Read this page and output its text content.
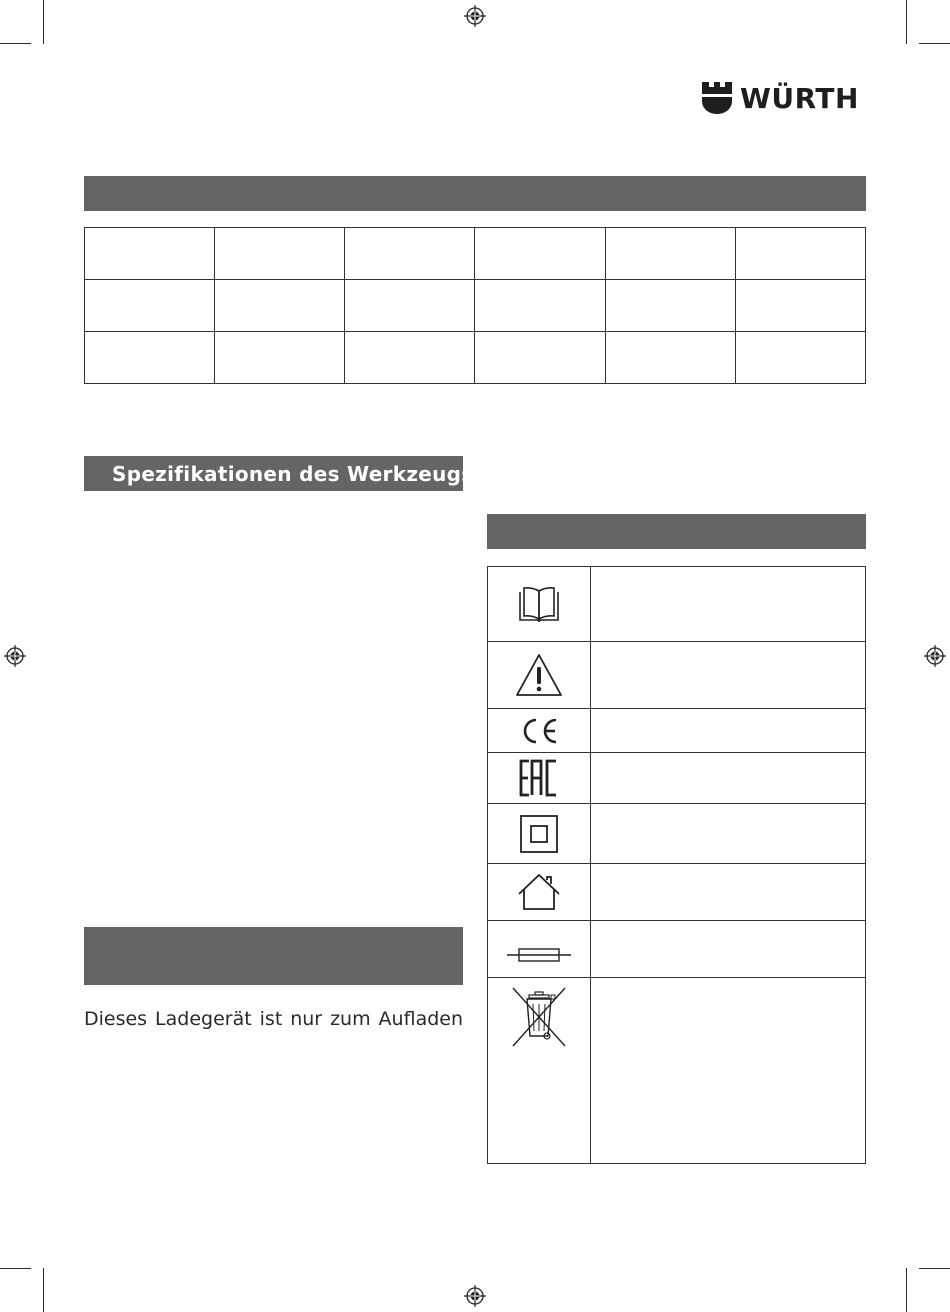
WÜRTH

Spezifikationen des Werkzeugs
Dieses Ladegerät ist nur zum Aufladen
